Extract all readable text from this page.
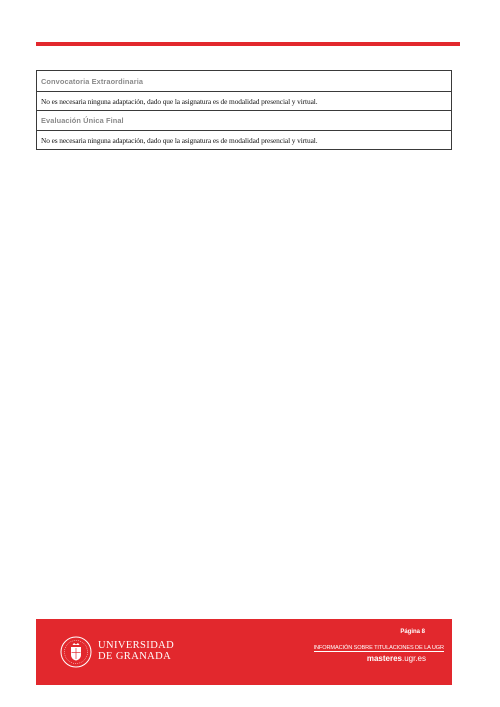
Convocatoria Extraordinaria
No es necesaria ninguna adaptación, dado que la asignatura es de modalidad presencial y virtual.
Evaluación Única Final
No es necesaria ninguna adaptación, dado que la asignatura es de modalidad presencial y virtual.
UNIVERSIDAD
DE GRANADA
Página 8
INFORMACIÓN SOBRE TITULACIONES DE LA UGR
masteres.ugr.es
